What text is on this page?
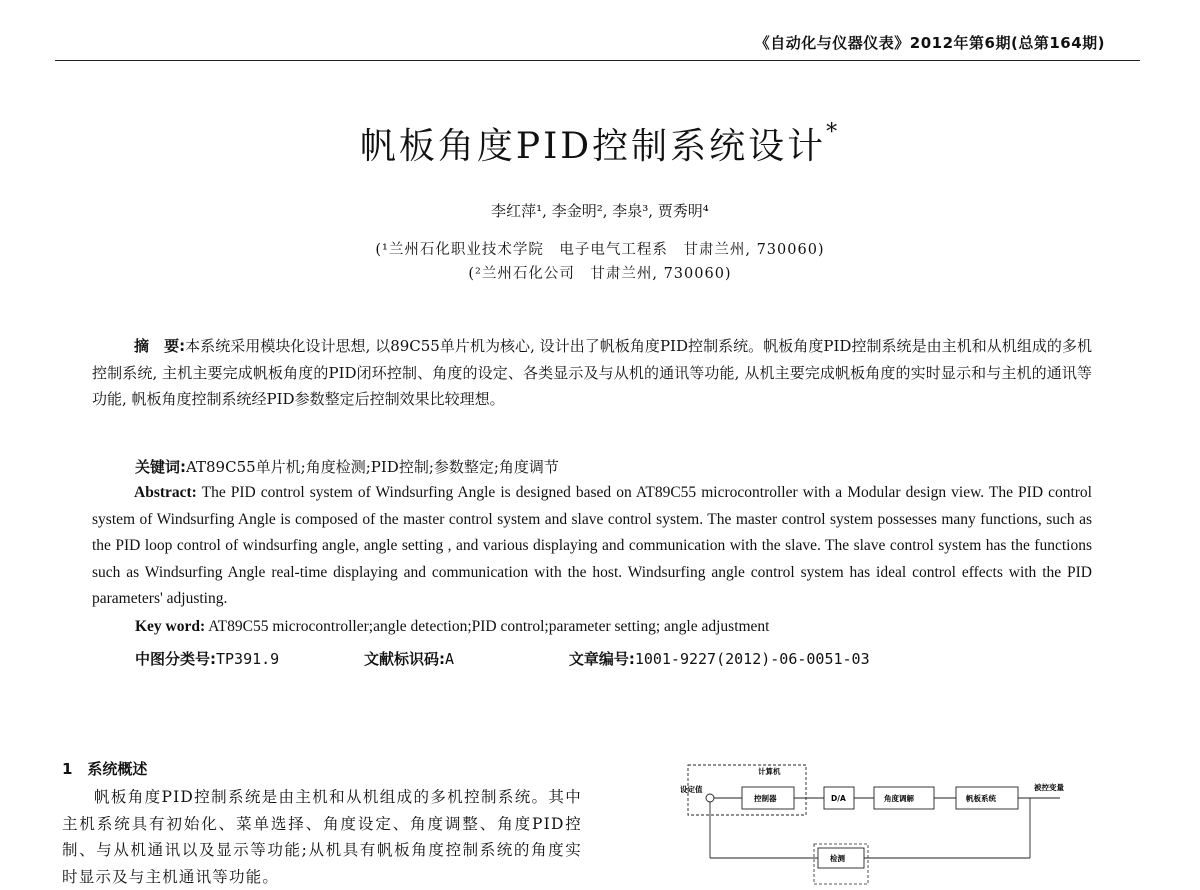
《自动化与仪器仪表》2012年第6期(总第164期)
帆板角度PID控制系统设计*
李红萍¹, 李金明², 李泉³, 贾秀明⁴
(¹兰州石化职业技术学院　电子电气工程系　甘肃兰州, 730060)
(²兰州石化公司　甘肃兰州, 730060)
摘　要:本系统采用模块化设计思想, 以89C55单片机为核心, 设计出了帆板角度PID控制系统。帆板角度PID控制系统是由主机和从机组成的多机控制系统, 主机主要完成帆板角度的PID闭环控制、角度的设定、各类显示及与从机的通讯等功能, 从机主要完成帆板角度的实时显示和与主机的通讯等功能, 帆板角度控制系统经PID参数整定后控制效果比较理想。
关键词:AT89C55单片机;角度检测;PID控制;参数整定;角度调节
Abstract: The PID control system of Windsurfing Angle is designed based on AT89C55 microcontroller with a Modular design view. The PID control system of Windsurfing Angle is composed of the master control system and slave control system. The master control system possesses many functions, such as the PID loop control of windsurfing angle, angle setting , and various displaying and communication with the slave. The slave control system has the functions such as Windsurfing Angle real-time displaying and communication with the host. Windsurfing angle control system has ideal control effects with the PID parameters' adjusting.
Key word: AT89C55 microcontroller;angle detection;PID control;parameter setting; angle adjustment
中图分类号:TP391.9	文献标识码:A	文章编号:1001-9227(2012)-06-0051-03
1　系统概述
帆板角度PID控制系统是由主机和从机组成的多机控制系统。其中主机系统具有初始化、菜单选择、角度设定、角度调整、角度PID控制、与从机通讯以及显示等功能;从机具有帆板角度控制系统的角度实时显示及与主机通讯等功能。
计算机
设定值
控制器	D/A	角度调解	帆板系统
被控变量
检测
